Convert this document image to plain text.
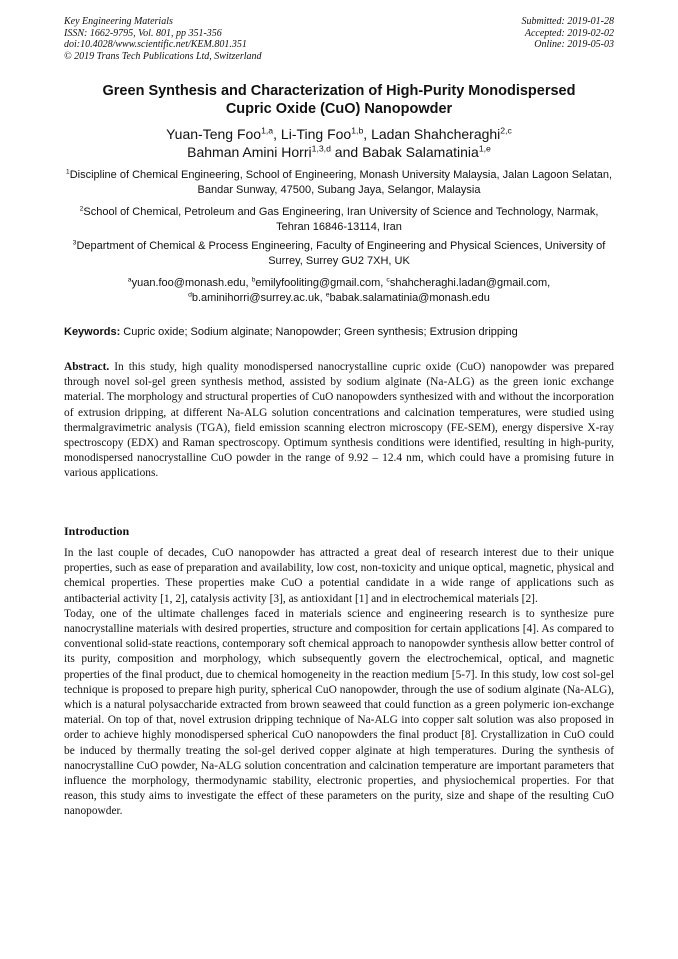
Key Engineering Materials
ISSN: 1662-9795, Vol. 801, pp 351-356
doi:10.4028/www.scientific.net/KEM.801.351
© 2019 Trans Tech Publications Ltd, Switzerland
Submitted: 2019-01-28
Accepted: 2019-02-02
Online: 2019-05-03
Green Synthesis and Characterization of High-Purity Monodispersed
Cupric Oxide (CuO) Nanopowder
Yuan-Teng Foo$^{1,a}$, Li-Ting Foo$^{1,b}$, Ladan Shahcheraghi$^{2,c}$
Bahman Amini Horri$^{1,3,d}$ and Babak Salamatinia$^{1,e}$
$^1$Discipline of Chemical Engineering, School of Engineering, Monash University Malaysia, Jalan Lagoon Selatan, Bandar Sunway, 47500, Subang Jaya, Selangor, Malaysia
$^2$School of Chemical, Petroleum and Gas Engineering, Iran University of Science and Technology, Narmak, Tehran 16846-13114, Iran
$^3$Department of Chemical & Process Engineering, Faculty of Engineering and Physical Sciences, University of Surrey, Surrey GU2 7XH, UK
$^a$yuan.foo@monash.edu, $^b$emilyfooliting@gmail.com, $^c$shahcheraghi.ladan@gmail.com,
$^d$b.aminihorri@surrey.ac.uk, $^e$babak.salamatinia@monash.edu
Keywords: Cupric oxide; Sodium alginate; Nanopowder; Green synthesis; Extrusion dripping
Abstract. In this study, high quality monodispersed nanocrystalline cupric oxide (CuO) nanopowder was prepared through novel sol-gel green synthesis method, assisted by sodium alginate (Na-ALG) as the green ionic exchange material. The morphology and structural properties of CuO nanopowders synthesized with and without the incorporation of extrusion dripping, at different Na-ALG solution concentrations and calcination temperatures, were studied using thermalgravimetric analysis (TGA), field emission scanning electron microscopy (FE-SEM), energy dispersive X-ray spectroscopy (EDX) and Raman spectroscopy. Optimum synthesis conditions were identified, resulting in high-purity, monodispersed nanocrystalline CuO powder in the range of 9.92 – 12.4 nm, which could have a promising future in various applications.
Introduction

In the last couple of decades, CuO nanopowder has attracted a great deal of research interest due to their unique properties, such as ease of preparation and availability, low cost, non-toxicity and unique optical, magnetic, physical and chemical properties. These properties make CuO a potential candidate in a wide range of applications such as antibacterial activity [1, 2], catalysis activity [3], as antioxidant [1] and in electrochemical materials [2].

Today, one of the ultimate challenges faced in materials science and engineering research is to synthesize pure nanocrystalline materials with desired properties, structure and composition for certain applications [4]. As compared to conventional solid-state reactions, contemporary soft chemical approach to nanopowder synthesis allow better control of its purity, composition and morphology, which subsequently govern the electrochemical, optical, and magnetic properties of the final product, due to chemical homogeneity in the reaction medium [5-7]. In this study, low cost sol-gel technique is proposed to prepare high purity, spherical CuO nanopowder, through the use of sodium alginate (Na-ALG), which is a natural polysaccharide extracted from brown seaweed that could function as a green polymeric ion-exchange material. On top of that, novel extrusion dripping technique of Na-ALG into copper salt solution was also proposed in order to achieve highly monodispersed spherical CuO nanopowders the final product [8]. Crystallization in CuO could be induced by thermally treating the sol-gel derived copper alginate at high temperatures. During the synthesis of nanocrystalline CuO powder, Na-ALG solution concentration and calcination temperature are important parameters that influence the morphology, thermodynamic stability, electronic properties, and physiochemical properties. For that reason, this study aims to investigate the effect of these parameters on the purity, size and shape of the resulting CuO nanopowder.
